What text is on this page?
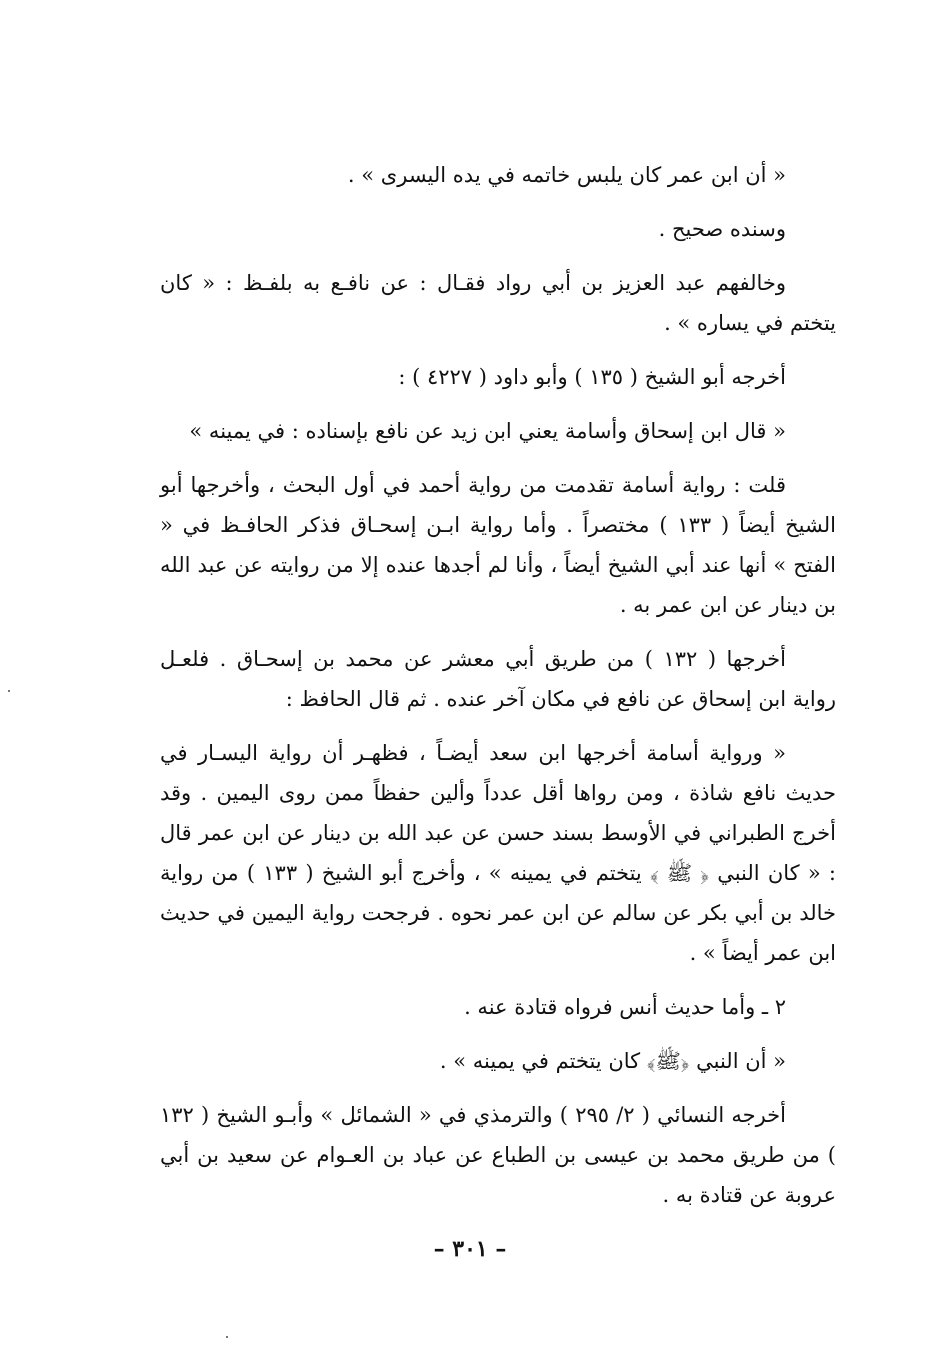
« أن ابن عمر كان يلبس خاتمه في يده اليسرى » .

وسنده صحيح .

وخالفهم عبد العزيز بن أبي رواد فقـال : عن نافـع به بلفـظ : « كان يتختم في يساره » .

أخرجه أبو الشيخ ( ١٣٥ ) وأبو داود ( ٤٢٢٧ ) :

« قال ابن إسحاق وأسامة يعني ابن زيد عن نافع بإسناده : في يمينه »

قلت : رواية أسامة تقدمت من رواية أحمد في أول البحث ، وأخرجها أبو الشيخ أيضاً ( ١٣٣ ) مختصراً . وأما رواية ابـن إسحـاق فذكر الحافـظ في « الفتح » أنها عند أبي الشيخ أيضاً ، وأنا لم أجدها عنده إلا من روايته عن عبد الله بن دينار عن ابن عمر به .

أخرجها ( ١٣٢ ) من طريق أبي معشر عن محمد بن إسحـاق . فلعـل رواية ابن إسحاق عن نافع في مكان آخر عنده . ثم قال الحافظ :

« ورواية أسامة أخرجها ابن سعد أيضـاً ، فظهـر أن رواية اليسـار في حديث نافع شاذة ، ومن رواها أقل عدداً وألين حفظاً ممن روى اليمين . وقد أخرج الطبراني في الأوسط بسند حسن عن عبد الله بن دينار عن ابن عمر قال : « كان النبي ﴿ ﷺ ﴾ يتختم في يمينه » ، وأخرج أبو الشيخ ( ١٣٣ ) من رواية خالد بن أبي بكر عن سالم عن ابن عمر نحوه . فرجحت رواية اليمين في حديث ابن عمر أيضاً » .

٢ ـ وأما حديث أنس فرواه قتادة عنه .

« أن النبي ﴿ﷺ﴾ كان يتختم في يمينه » .

أخرجه النسائي ( ٢/ ٢٩٥ ) والترمذي في « الشمائل » وأبـو الشيخ ( ١٣٢ ) من طريق محمد بن عيسى بن الطباع عن عباد بن العـوام عن سعيد بن أبي عروبة عن قتادة به .

– ٣٠١ –
